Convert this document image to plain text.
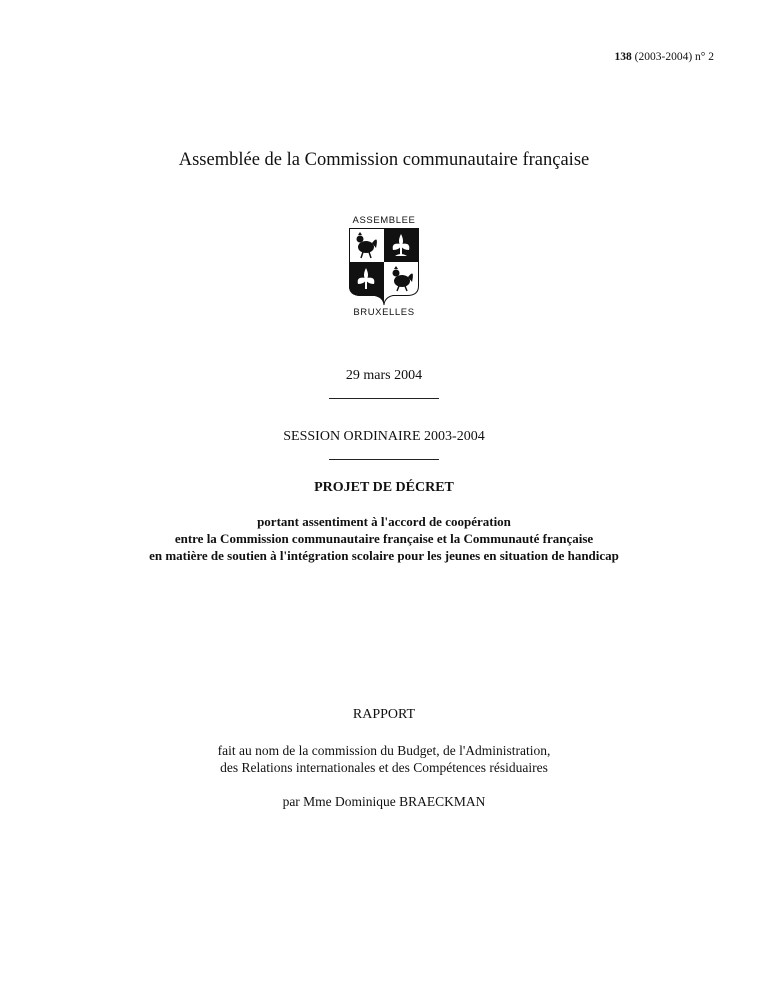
138 (2003-2004) n° 2
Assemblée de la Commission communautaire française
ASSEMBLEE
BRUXELLES
29 mars 2004
SESSION ORDINAIRE 2003-2004
PROJET DE DÉCRET
portant assentiment à l'accord de coopération
entre la Commission communautaire française et la Communauté française
en matière de soutien à l'intégration scolaire pour les jeunes en situation de handicap
RAPPORT
fait au nom de la commission du Budget, de l'Administration,
des Relations internationales et des Compétences résiduaires
par Mme Dominique BRAECKMAN
